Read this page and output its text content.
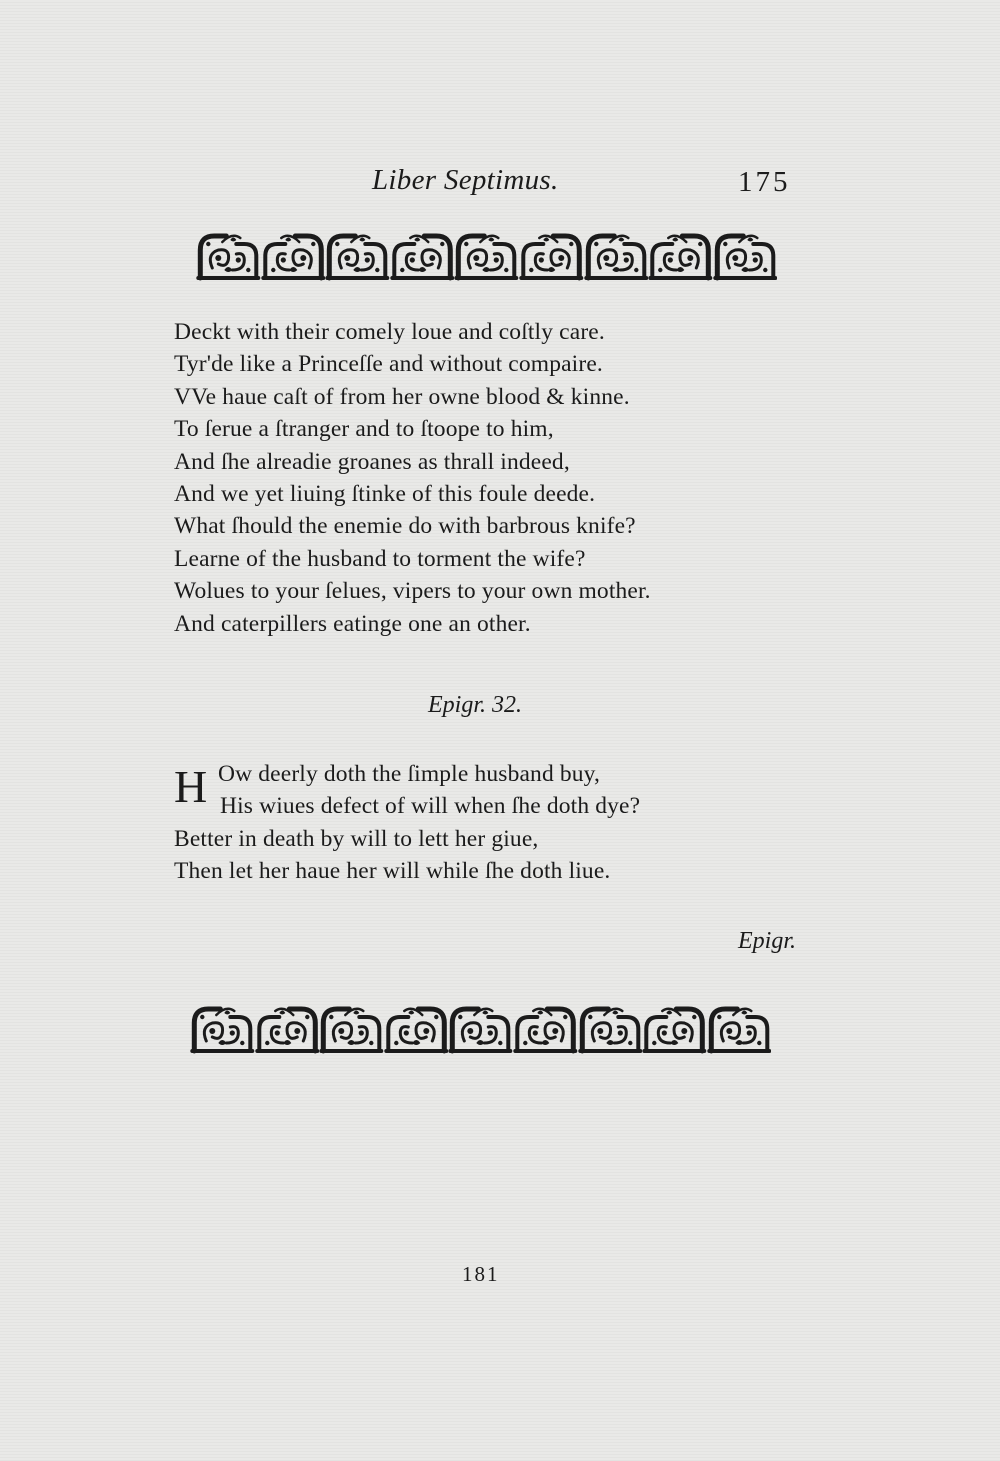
Liber Septimus.	175
Deckt with their comely loue and coſtly care.
Tyr'de like a Princeſſe and without compaire.
VVe haue caſt of from her owne blood & kinne.
To ſerue a ſtranger and to ſtoope to him,
And ſhe alreadie groanes as thrall indeed,
And we yet liuing ſtinke of this foule deede.
What ſhould the enemie do with barbrous knife?
Learne of the husband to torment the wife?
Wolues to your ſelues, vipers to your own mother.
And caterpillers eatinge one an other.
Epigr. 32.
H Ow deerly doth the ſimple husband buy,
His wiues defect of will when ſhe doth dye?
Better in death by will to lett her giue,
Then let her haue her will while ſhe doth liue.
Epigr.
181
